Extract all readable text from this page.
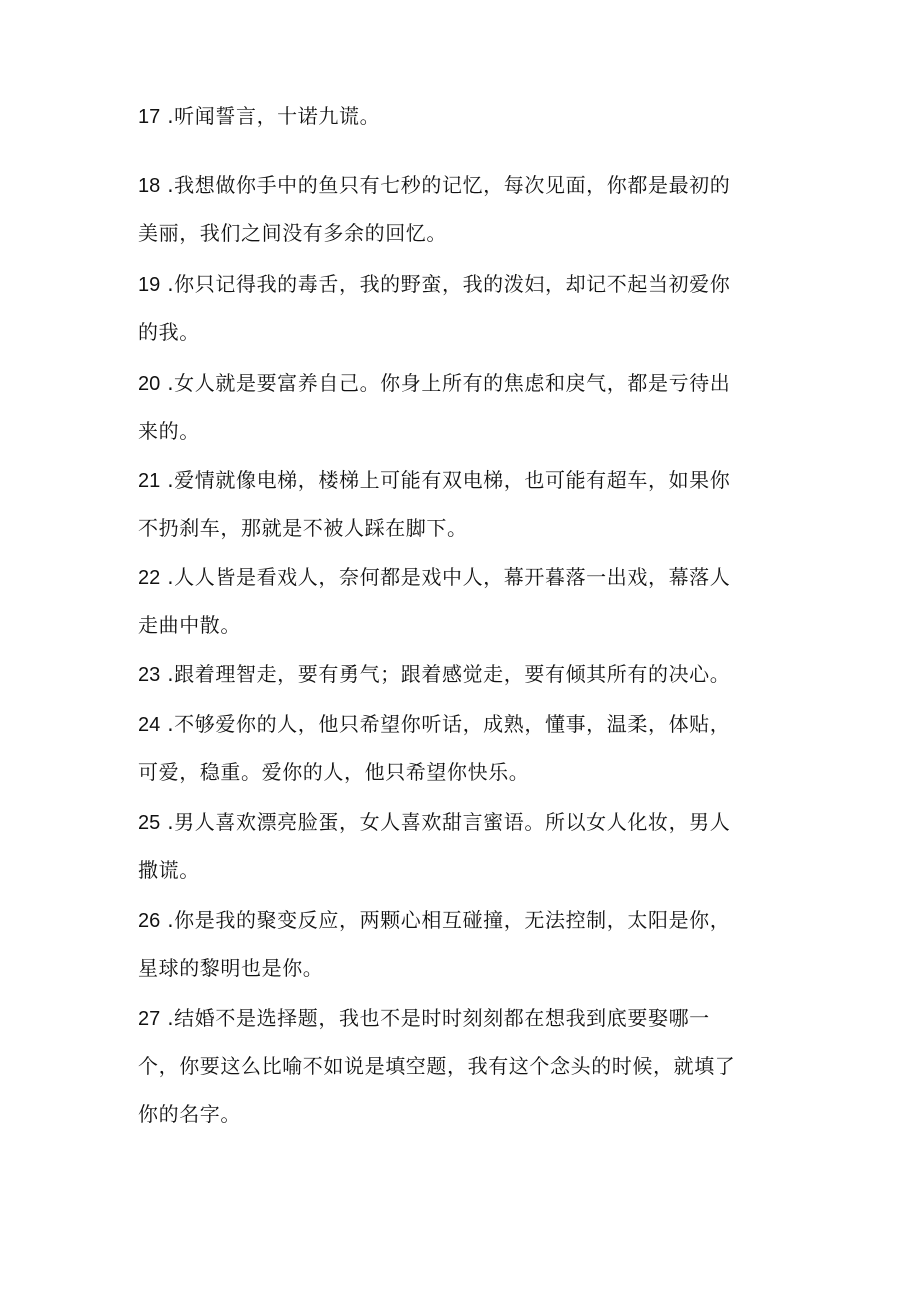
17 .听闻誓言，十诺九谎。
18 .我想做你手中的鱼只有七秒的记忆，每次见面，你都是最初的
美丽，我们之间没有多余的回忆。
19 .你只记得我的毒舌，我的野蛮，我的泼妇，却记不起当初爱你
的我。
20 .女人就是要富养自己。你身上所有的焦虑和戾气，都是亏待出
来的。
21 .爱情就像电梯，楼梯上可能有双电梯，也可能有超车，如果你
不扔刹车，那就是不被人踩在脚下。
22 .人人皆是看戏人，奈何都是戏中人，幕开暮落一出戏，幕落人
走曲中散。
23 .跟着理智走，要有勇气；跟着感觉走，要有倾其所有的决心。
24 .不够爱你的人，他只希望你听话，成熟，懂事，温柔，体贴，
可爱，稳重。爱你的人，他只希望你快乐。
25 .男人喜欢漂亮脸蛋，女人喜欢甜言蜜语。所以女人化妆，男人
撒谎。
26 .你是我的聚变反应，两颗心相互碰撞，无法控制，太阳是你，
星球的黎明也是你。
27 .结婚不是选择题，我也不是时时刻刻都在想我到底要娶哪一
个，你要这么比喻不如说是填空题，我有这个念头的时候，就填了
你的名字。
